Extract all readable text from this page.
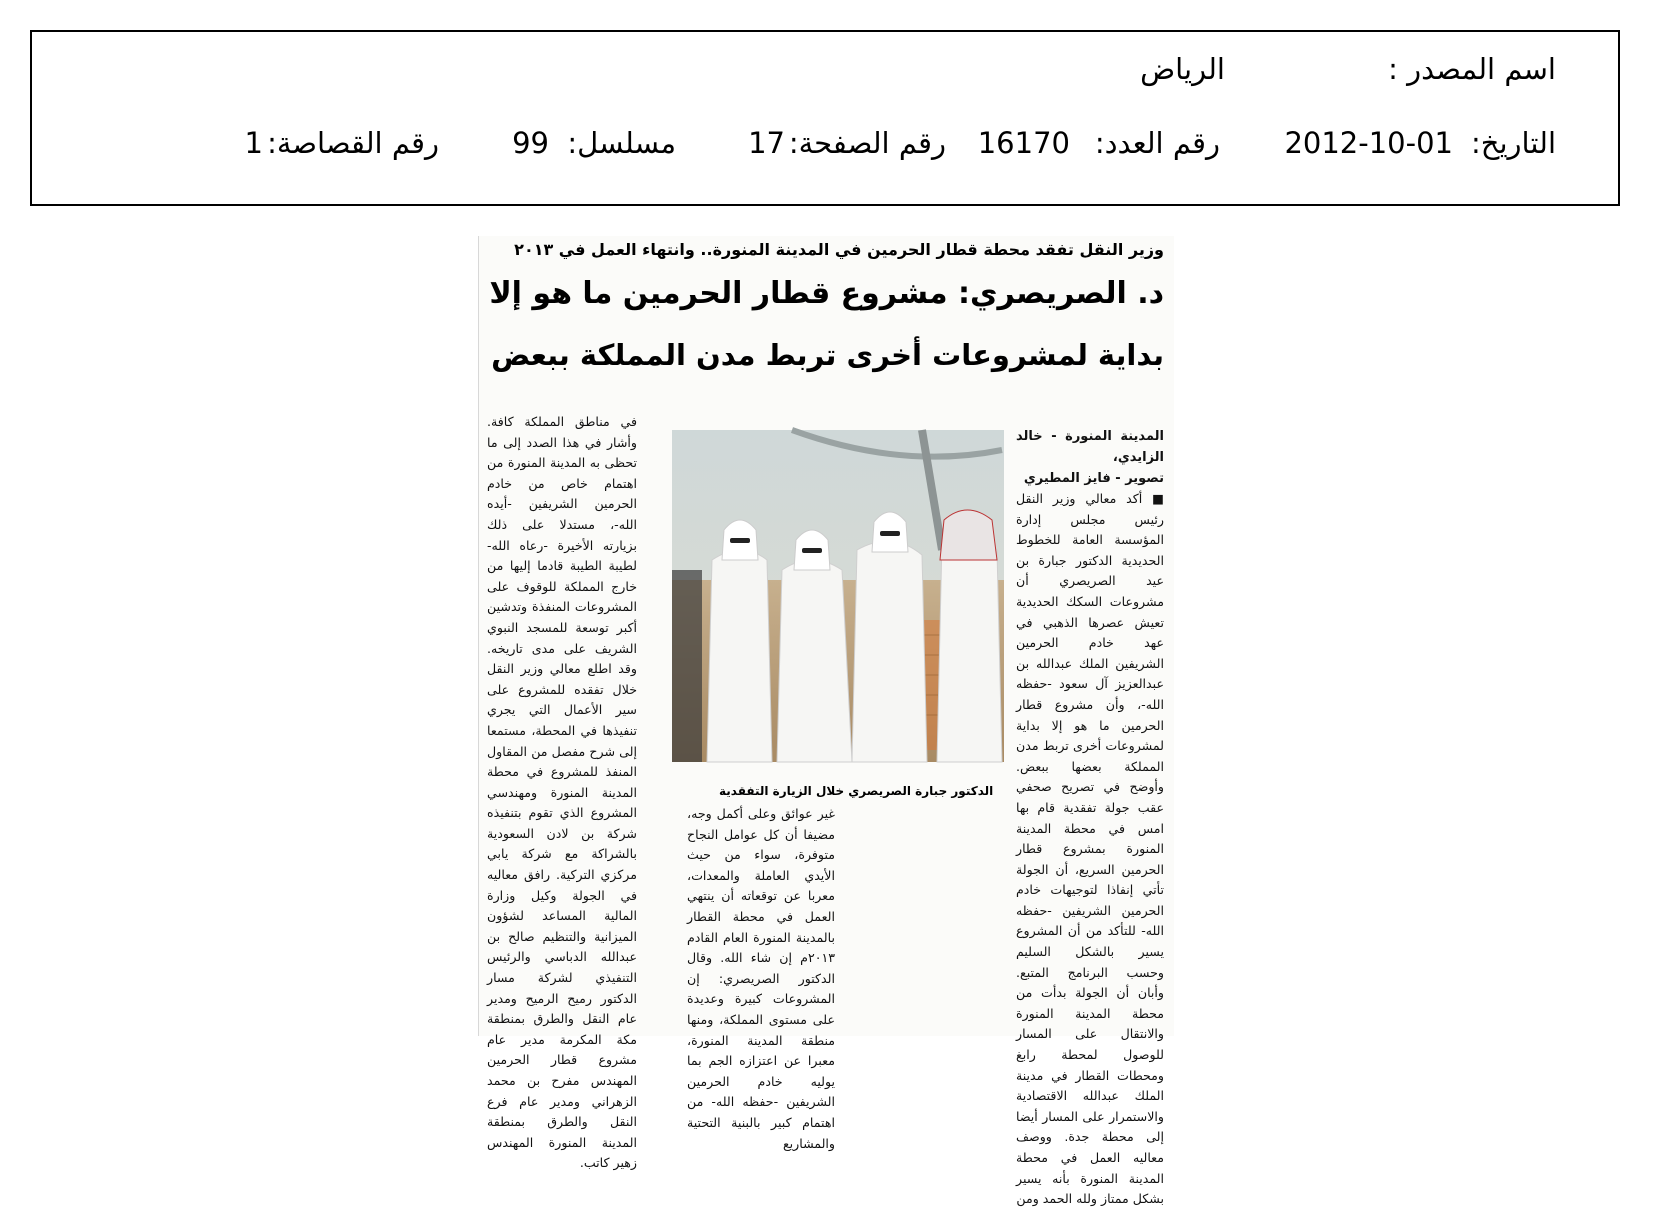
اسم المصدر :
الرياض
التاريخ:
2012-10-01
رقم العدد:
16170
رقم الصفحة:
17
مسلسل:
99
رقم القصاصة:
1
وزير النقل تفقد محطة قطار الحرمين في المدينة المنورة.. وانتهاء العمل في ٢٠١٣
د. الصريصري: مشروع قطار الحرمين ما هو إلا
بداية لمشروعات أخرى تربط مدن المملكة ببعض

المدينة المنورة - خالد الزايدي،

تصوير - فايز المطيري

■ أكد معالي وزير النقل رئيس مجلس إدارة المؤسسة العامة للخطوط الحديدية الدكتور جبارة بن عيد الصريصري أن مشروعات السكك الحديدية تعيش عصرها الذهبي في عهد خادم الحرمين الشريفين الملك عبدالله بن عبدالعزيز آل سعود -حفظه الله-، وأن مشروع قطار الحرمين ما هو إلا بداية لمشروعات أخرى تربط مدن المملكة بعضها ببعض. وأوضح في تصريح صحفي عقب جولة تفقدية قام بها امس في محطة المدينة المنورة بمشروع قطار الحرمين السريع، أن الجولة تأتي إنفاذا لتوجيهات خادم الحرمين الشريفين -حفظه الله- للتأكد من أن المشروع يسير بالشكل السليم وحسب البرنامج المتبع. وأبان أن الجولة بدأت من محطة المدينة المنورة والانتقال على المسار للوصول لمحطة رابغ ومحطات القطار في مدينة الملك عبدالله الاقتصادية والاستمرار على المسار أيضا إلى محطة جدة. ووصف معاليه العمل في محطة المدينة المنورة بأنه يسير بشكل ممتاز ولله الحمد ومن

الدكتور جبارة الصريصري خلال الزيارة التفقدية

غير عوائق وعلى أكمل وجه، مضيفا أن كل عوامل النجاح متوفرة، سواء من حيث الأيدي العاملة والمعدات، معربا عن توقعاته أن ينتهي العمل في محطة القطار بالمدينة المنورة العام القادم ٢٠١٣م إن شاء الله. وقال الدكتور الصريصري: إن المشروعات كبيرة وعديدة على مستوى المملكة، ومنها منطقة المدينة المنورة، معبرا عن اعتزازه الجم بما يوليه خادم الحرمين الشريفين -حفظه الله- من اهتمام كبير بالبنية التحتية والمشاريع

في مناطق المملكة كافة. وأشار في هذا الصدد إلى ما تحظى به المدينة المنورة من اهتمام خاص من خادم الحرمين الشريفين -أيده الله-، مستدلا على ذلك بزيارته الأخيرة -رعاه الله- لطيبة الطيبة قادما إليها من خارج المملكة للوقوف على المشروعات المنفذة وتدشين أكبر توسعة للمسجد النبوي الشريف على مدى تاريخه. وقد اطلع معالي وزير النقل خلال تفقده للمشروع على سير الأعمال التي يجري تنفيذها في المحطة، مستمعا إلى شرح مفصل من المقاول المنفذ للمشروع في محطة المدينة المنورة ومهندسي المشروع الذي تقوم بتنفيذه شركة بن لادن السعودية بالشراكة مع شركة يابي مركزي التركية. رافق معاليه في الجولة وكيل وزارة المالية المساعد لشؤون الميزانية والتنظيم صالح بن عبدالله الدباسي والرئيس التنفيذي لشركة مسار الدكتور رميح الرميح ومدير عام النقل والطرق بمنطقة مكة المكرمة مدير عام مشروع قطار الحرمين المهندس مفرح بن محمد الزهراني ومدير عام فرع النقل والطرق بمنطقة المدينة المنورة المهندس زهير كاتب.
